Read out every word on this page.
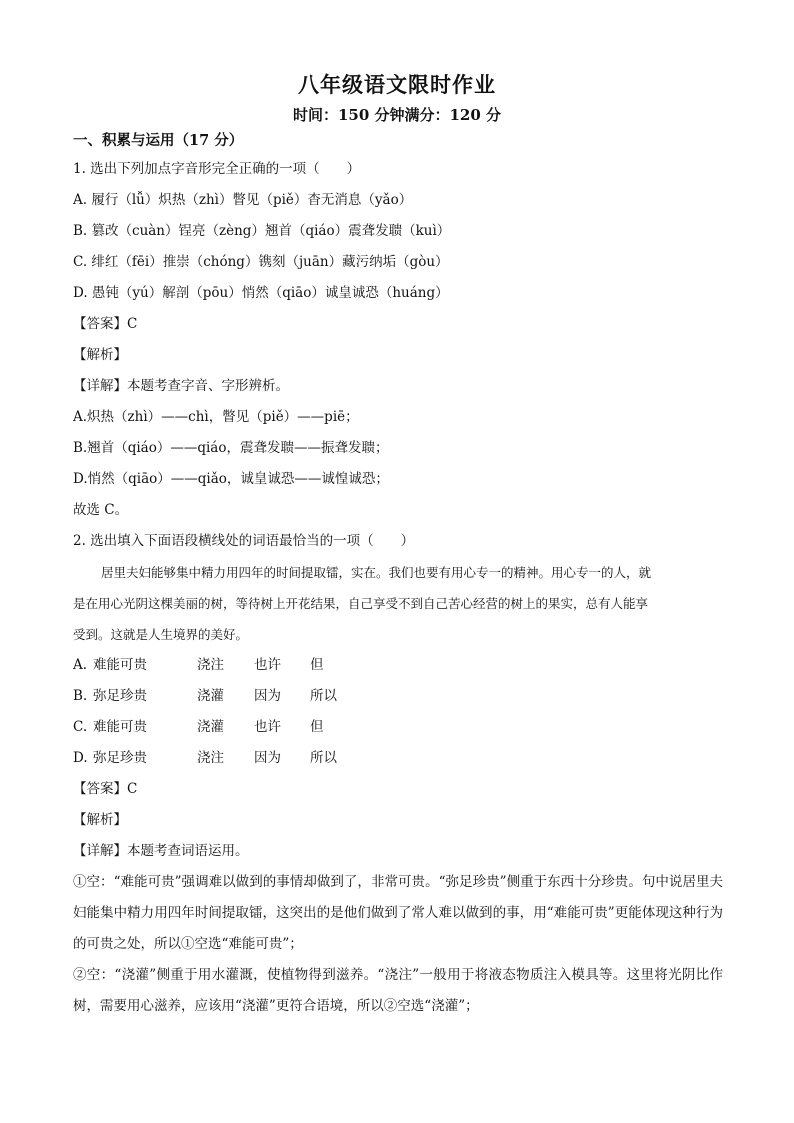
八年级语文限时作业
时间：150 分钟满分：120 分
一、积累与运用（17 分）
1. 选出下列加点字音形完全正确的一项（　　）
A. 履行（lǚ）炽热（zhì）瞥见（piě）杳无消息（yǎo）
B. 篡改（cuàn）锃亮（zèng）翘首（qiáo）震聋发聩（kuì）
C. 绯红（fēi）推崇（chóng）镌刻（juān）藏污纳垢（gòu）
D. 愚钝（yú）解剖（pōu）悄然（qiāo）诚皇诚恐（huáng）
【答案】C
【解析】
【详解】本题考查字音、字形辨析。
A.炽热（zhì）——chì，瞥见（piě）——piē；
B.翘首（qiáo）——qiáo，震聋发聩——振聋发聩；
D.悄然（qiāo）——qiǎo，诚皇诚恐——诚惶诚恐；
故选 C。
2. 选出填入下面语段横线处的词语最恰当的一项（　　）
居里夫妇能够集中精力用四年的时间提取镭，实在。我们也要有用心专一的精神。用心专一的人，就
是在用心光阴这棵美丽的树，等待树上开花结果，自己享受不到自己苦心经营的树上的果实，总有人能享
受到。这就是人生境界的美好。
A. 难能可贵	浇注 也许 但
B. 弥足珍贵	浇灌 因为 所以
C. 难能可贵	浇灌 也许 但
D. 弥足珍贵	浇注 因为 所以
【答案】C
【解析】
【详解】本题考查词语运用。
①空：“难能可贵”强调难以做到的事情却做到了，非常可贵。“弥足珍贵”侧重于东西十分珍贵。句中说居里夫妇能集中精力用四年时间提取镭，这突出的是他们做到了常人难以做到的事，用“难能可贵”更能体现这种行为的可贵之处，所以①空选“难能可贵”；
②空：“浇灌”侧重于用水灌溉，使植物得到滋养。“浇注”一般用于将液态物质注入模具等。这里将光阴比作树，需要用心滋养，应该用“浇灌”更符合语境，所以②空选“浇灌”；
